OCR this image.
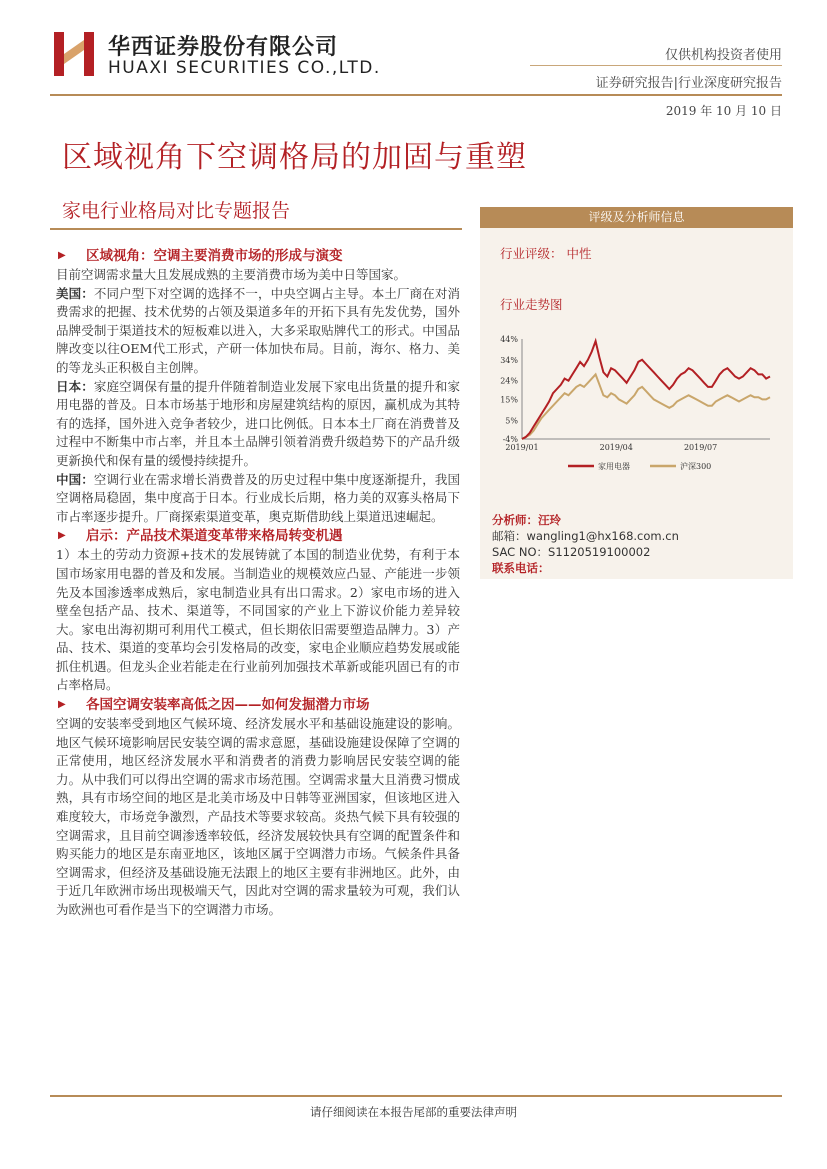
华西证券股份有限公司
HUAXI SECURITIES CO.,LTD.
仅供机构投资者使用
证券研究报告|行业深度研究报告
2019 年 10 月 10 日
区域视角下空调格局的加固与重塑
家电行业格局对比专题报告
▶ 区域视角：空调主要消费市场的形成与演变

目前空调需求量大且发展成熟的主要消费市场为美中日等国家。

美国：不同户型下对空调的选择不一，中央空调占主导。本土厂商在对消费需求的把握、技术优势的占领及渠道多年的开拓下具有先发优势，国外品牌受制于渠道技术的短板难以进入，大多采取贴牌代工的形式。中国品牌改变以往OEM代工形式，产研一体加快布局。目前，海尔、格力、美的等龙头正积极自主创牌。

日本：家庭空调保有量的提升伴随着制造业发展下家电出货量的提升和家用电器的普及。日本市场基于地形和房屋建筑结构的原因，赢机成为其特有的选择，国外进入竞争者较少，进口比例低。日本本土厂商在消费普及过程中不断集中市占率，并且本土品牌引领着消费升级趋势下的产品升级更新换代和保有量的缓慢持续提升。

中国：空调行业在需求增长消费普及的历史过程中集中度逐渐提升，我国空调格局稳固，集中度高于日本。行业成长后期，格力美的双寡头格局下市占率逐步提升。厂商探索渠道变革，奥克斯借助线上渠道迅速崛起。

▶ 启示：产品技术渠道变革带来格局转变机遇

1）本土的劳动力资源+技术的发展铸就了本国的制造业优势，有利于本国市场家用电器的普及和发展。当制造业的规模效应凸显、产能进一步领先及本国渗透率成熟后，家电制造业具有出口需求。2）家电市场的进入壁垒包括产品、技术、渠道等，不同国家的产业上下游议价能力差异较大。家电出海初期可利用代工模式，但长期依旧需要塑造品牌力。3）产品、技术、渠道的变革均会引发格局的改变，家电企业顺应趋势发展或能抓住机遇。但龙头企业若能走在行业前列加强技术革新或能巩固已有的市占率格局。

▶ 各国空调安装率高低之因——如何发掘潜力市场

空调的安装率受到地区气候环境、经济发展水平和基础设施建设的影响。地区气候环境影响居民安装空调的需求意愿，基础设施建设保障了空调的正常使用，地区经济发展水平和消费者的消费力影响居民安装空调的能力。从中我们可以得出空调的需求市场范围。空调需求量大且消费习惯成熟，具有市场空间的地区是北美市场及中日韩等亚洲国家，但该地区进入难度较大，市场竞争激烈，产品技术等要求较高。炎热气候下具有较强的空调需求，且目前空调渗透率较低，经济发展较快具有空调的配置条件和购买能力的地区是东南亚地区，该地区属于空调潜力市场。气候条件具备空调需求，但经济及基础设施无法跟上的地区主要有非洲地区。此外，由于近几年欧洲市场出现极端天气，因此对空调的需求量较为可观，我们认为欧洲也可看作是当下的空调潜力市场。

评级及分析师信息
行业评级： 中性
行业走势图
44%
34%
24%
15%
5%
-4%
2019/01	2019/04	2019/07
家用电器	沪深300
分析师：汪玲
邮箱：wangling1@hx168.com.cn
SAC NO：S1120519100002
联系电话：
请仔细阅读在本报告尾部的重要法律声明
